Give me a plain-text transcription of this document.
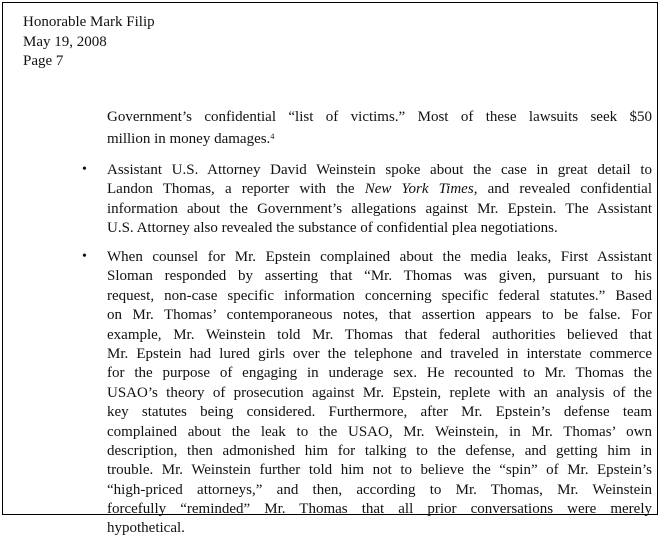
Honorable Mark Filip
May 19, 2008
Page 7
Government’s confidential “list of victims.” Most of these lawsuits seek $50
million in money damages.$^4$
• Assistant U.S. Attorney David Weinstein spoke about the case in great detail to
Landon Thomas, a reporter with the New York Times, and revealed confidential
information about the Government’s allegations against Mr. Epstein. The Assistant
U.S. Attorney also revealed the substance of confidential plea negotiations.
• When counsel for Mr. Epstein complained about the media leaks, First Assistant
Sloman responded by asserting that “Mr. Thomas was given, pursuant to his
request, non-case specific information concerning specific federal statutes.” Based
on Mr. Thomas’ contemporaneous notes, that assertion appears to be false. For
example, Mr. Weinstein told Mr. Thomas that federal authorities believed that
Mr. Epstein had lured girls over the telephone and traveled in interstate commerce
for the purpose of engaging in underage sex. He recounted to Mr. Thomas the
USAO’s theory of prosecution against Mr. Epstein, replete with an analysis of the
key statutes being considered. Furthermore, after Mr. Epstein’s defense team
complained about the leak to the USAO, Mr. Weinstein, in Mr. Thomas’ own
description, then admonished him for talking to the defense, and getting him in
trouble. Mr. Weinstein further told him not to believe the “spin” of Mr. Epstein’s
“high-priced attorneys,” and then, according to Mr. Thomas, Mr. Weinstein
forcefully “reminded” Mr. Thomas that all prior conversations were merely
hypothetical.
